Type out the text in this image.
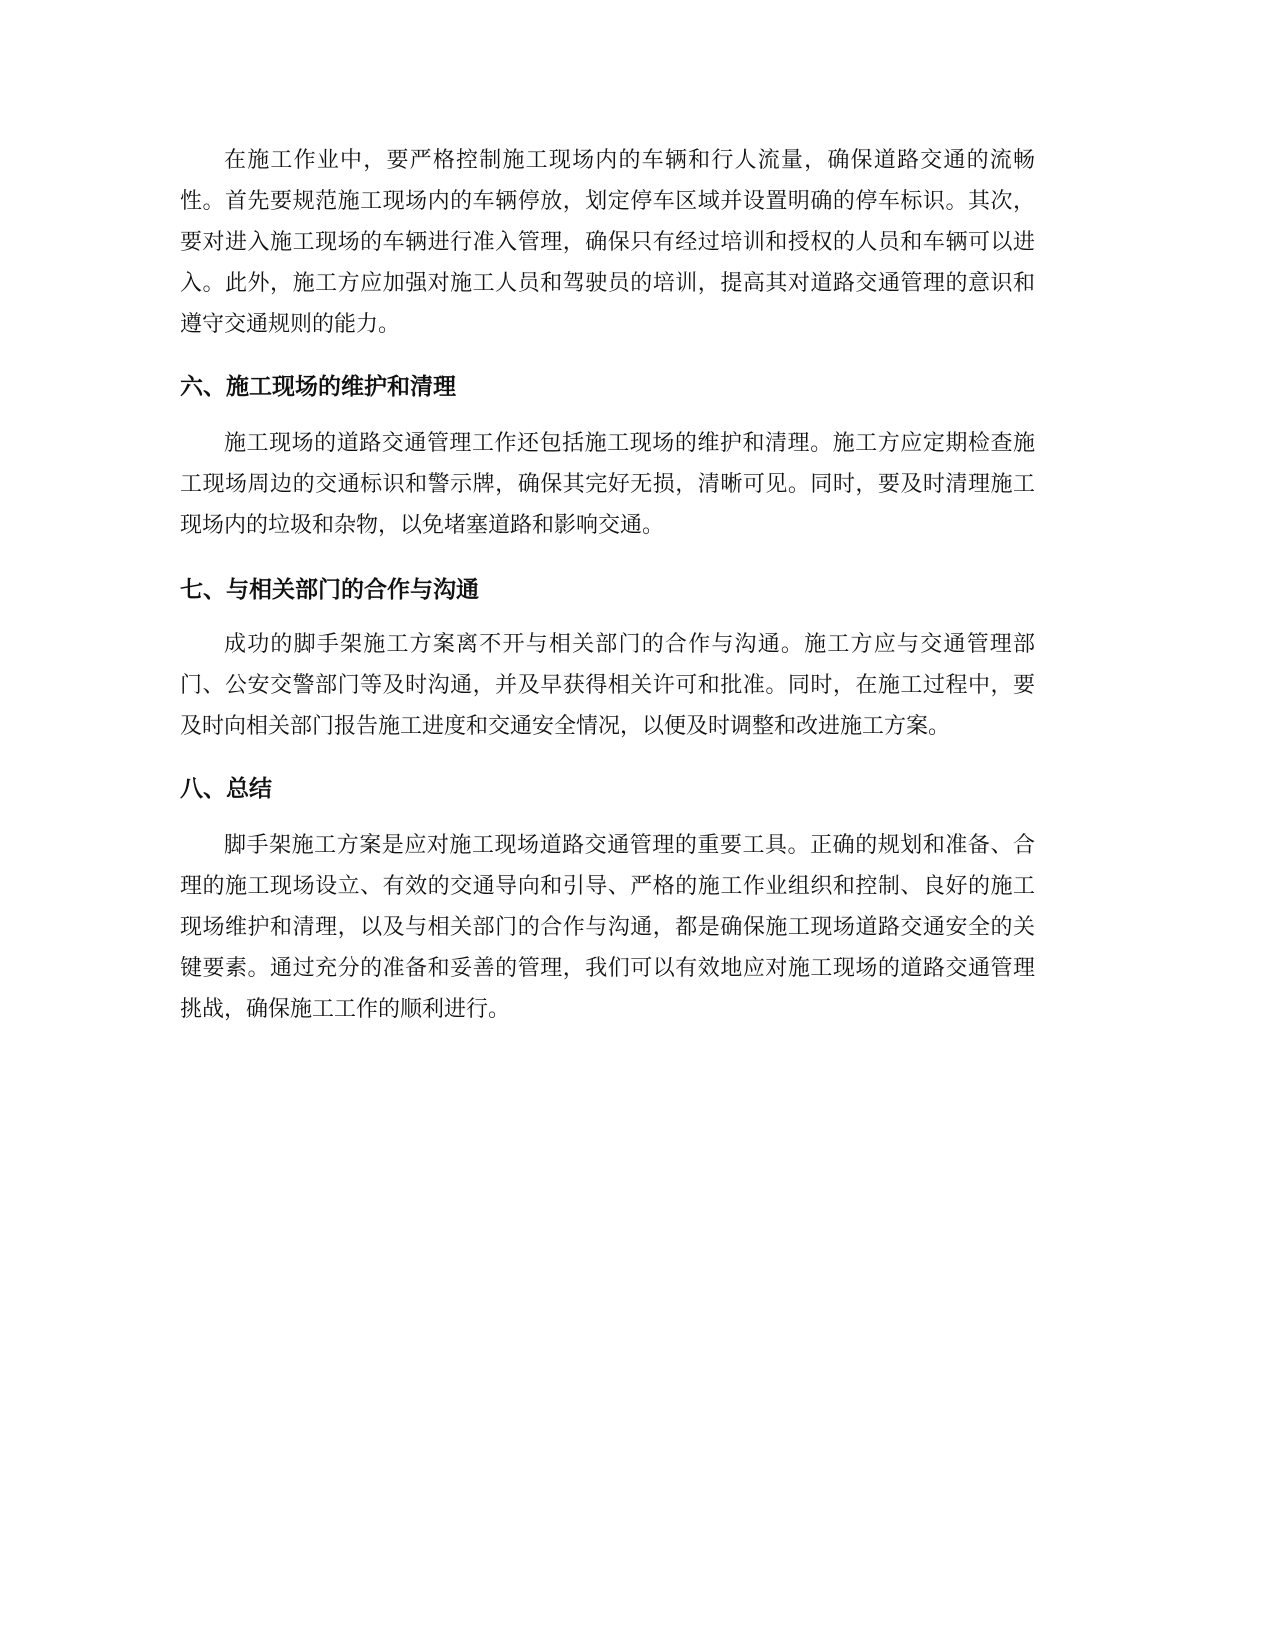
在施工作业中，要严格控制施工现场内的车辆和行人流量，确保道路交通的流畅性。首先要规范施工现场内的车辆停放，划定停车区域并设置明确的停车标识。其次，要对进入施工现场的车辆进行准入管理，确保只有经过培训和授权的人员和车辆可以进入。此外，施工方应加强对施工人员和驾驶员的培训，提高其对道路交通管理的意识和遵守交通规则的能力。

六、施工现场的维护和清理

施工现场的道路交通管理工作还包括施工现场的维护和清理。施工方应定期检查施工现场周边的交通标识和警示牌，确保其完好无损，清晰可见。同时，要及时清理施工现场内的垃圾和杂物，以免堵塞道路和影响交通。

七、与相关部门的合作与沟通

成功的脚手架施工方案离不开与相关部门的合作与沟通。施工方应与交通管理部门、公安交警部门等及时沟通，并及早获得相关许可和批准。同时，在施工过程中，要及时向相关部门报告施工进度和交通安全情况，以便及时调整和改进施工方案。

八、总结

脚手架施工方案是应对施工现场道路交通管理的重要工具。正确的规划和准备、合理的施工现场设立、有效的交通导向和引导、严格的施工作业组织和控制、良好的施工现场维护和清理，以及与相关部门的合作与沟通，都是确保施工现场道路交通安全的关键要素。通过充分的准备和妥善的管理，我们可以有效地应对施工现场的道路交通管理挑战，确保施工工作的顺利进行。
